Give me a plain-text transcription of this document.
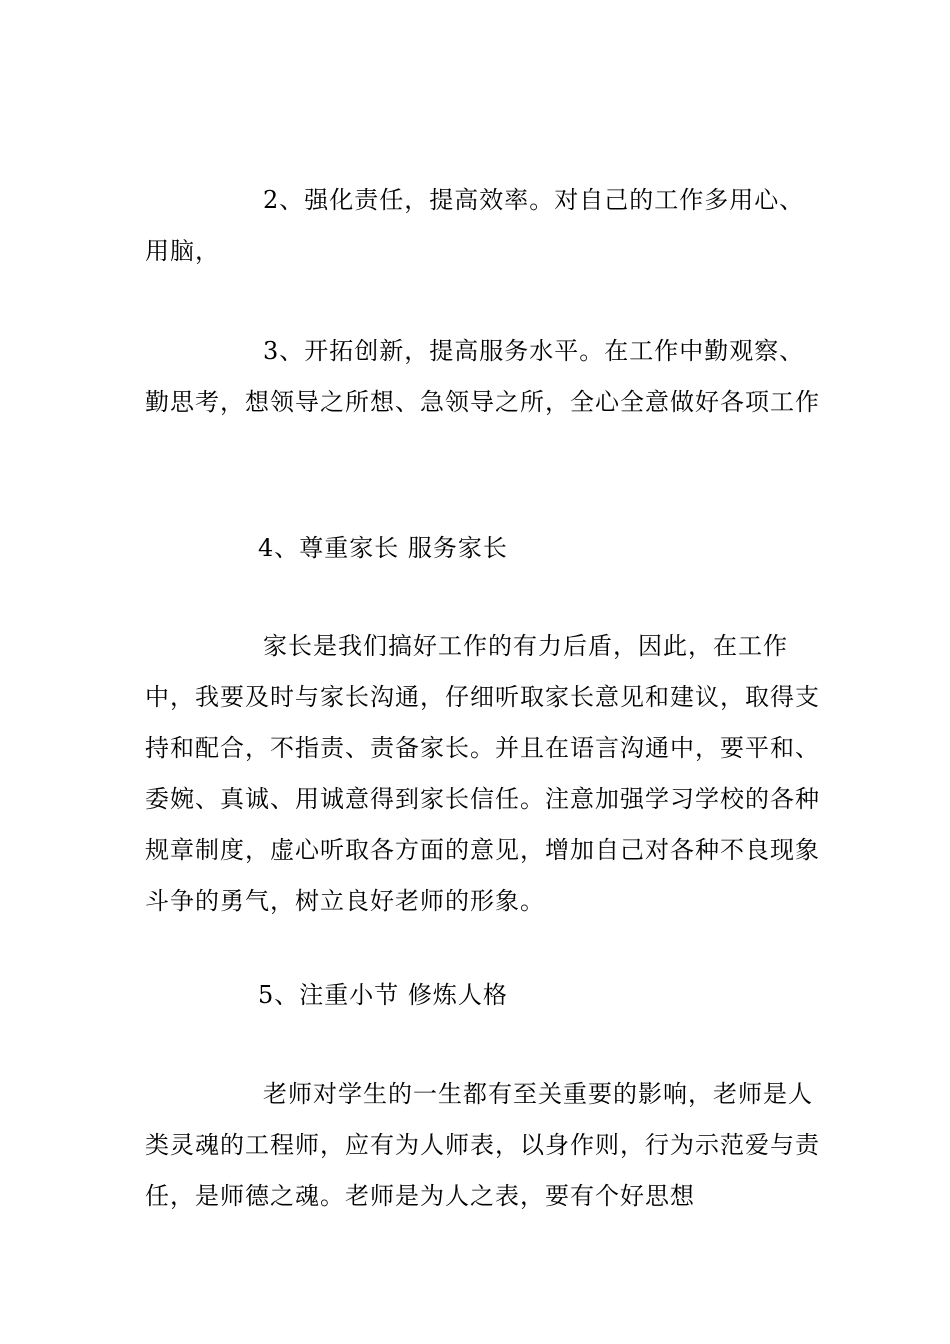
2、强化责任，提高效率。对自己的工作多用心、用脑，
3、开拓创新，提高服务水平。在工作中勤观察、勤思考，想领导之所想、急领导之所，全心全意做好各项工作
4、尊重家长 服务家长
家长是我们搞好工作的有力后盾，因此，在工作中，我要及时与家长沟通，仔细听取家长意见和建议，取得支持和配合，不指责、责备家长。并且在语言沟通中，要平和、委婉、真诚、用诚意得到家长信任。注意加强学习学校的各种规章制度，虚心听取各方面的意见，增加自己对各种不良现象斗争的勇气，树立良好老师的形象。
5、注重小节 修炼人格
老师对学生的一生都有至关重要的影响，老师是人类灵魂的工程师，应有为人师表，以身作则，行为示范爱与责任，是师德之魂。老师是为人之表，要有个好思想
